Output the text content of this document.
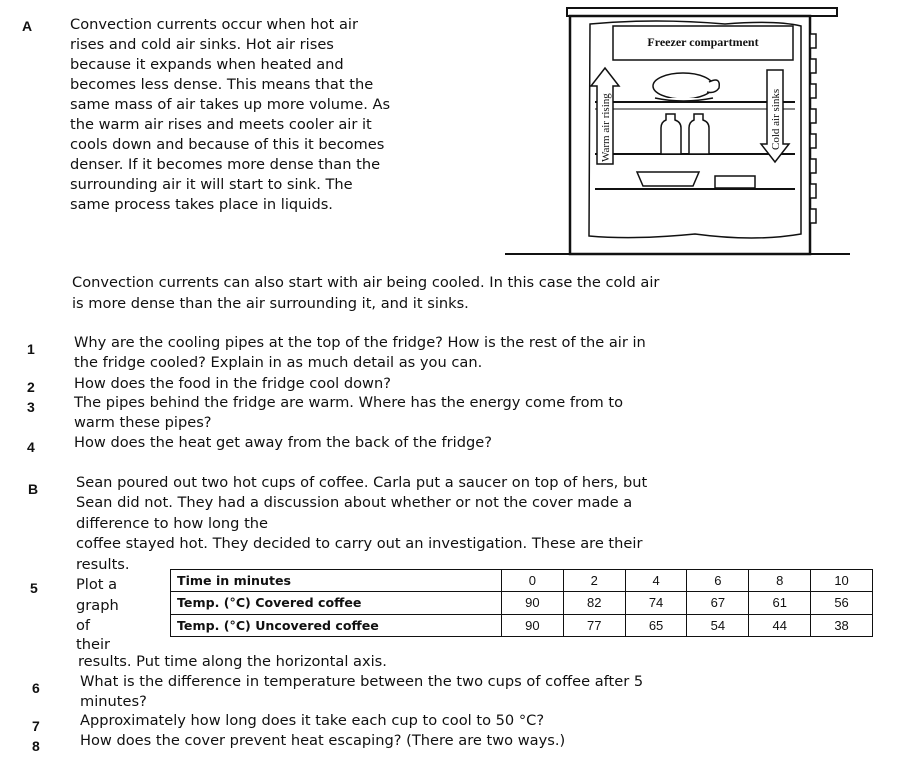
A	Convection currents occur when hot air
rises and cold air sinks. Hot air rises
because it expands when heated and
becomes less dense. This means that the
same mass of air takes up more volume. As
the warm air rises and meets cooler air it
cools down and because of this it becomes
denser. If it becomes more dense than the
surrounding air it will start to sink. The
same process takes place in liquids.
Freezer compartment
Warm air rising	Cold air sinks
Convection currents can also start with air being cooled. In this case the cold air
is more dense than the air surrounding it, and it sinks.
1	Why are the cooling pipes at the top of the fridge? How is the rest of the air in
the fridge cooled? Explain in as much detail as you can.
2	How does the food in the fridge cool down?
3	The pipes behind the fridge are warm. Where has the energy come from to
warm these pipes?
4	How does the heat get away from the back of the fridge?
B	Sean poured out two hot cups of coffee. Carla put a saucer on top of hers, but
Sean did not. They had a discussion about whether or not the cover made a
difference to how long the
coffee stayed hot. They decided to carry out an investigation. These are their
results.
5	Plot a
graph
of
their
results. Put time along the horizontal axis.
Time in minutes	0	2	4	6	8	10
Temp. (°C) Covered coffee	90	82	74	67	61	56
Temp. (°C) Uncovered coffee	90	77	65	54	44	38
6	What is the difference in temperature between the two cups of coffee after 5
minutes?
7	Approximately how long does it take each cup to cool to 50 °C?
8	How does the cover prevent heat escaping? (There are two ways.)
